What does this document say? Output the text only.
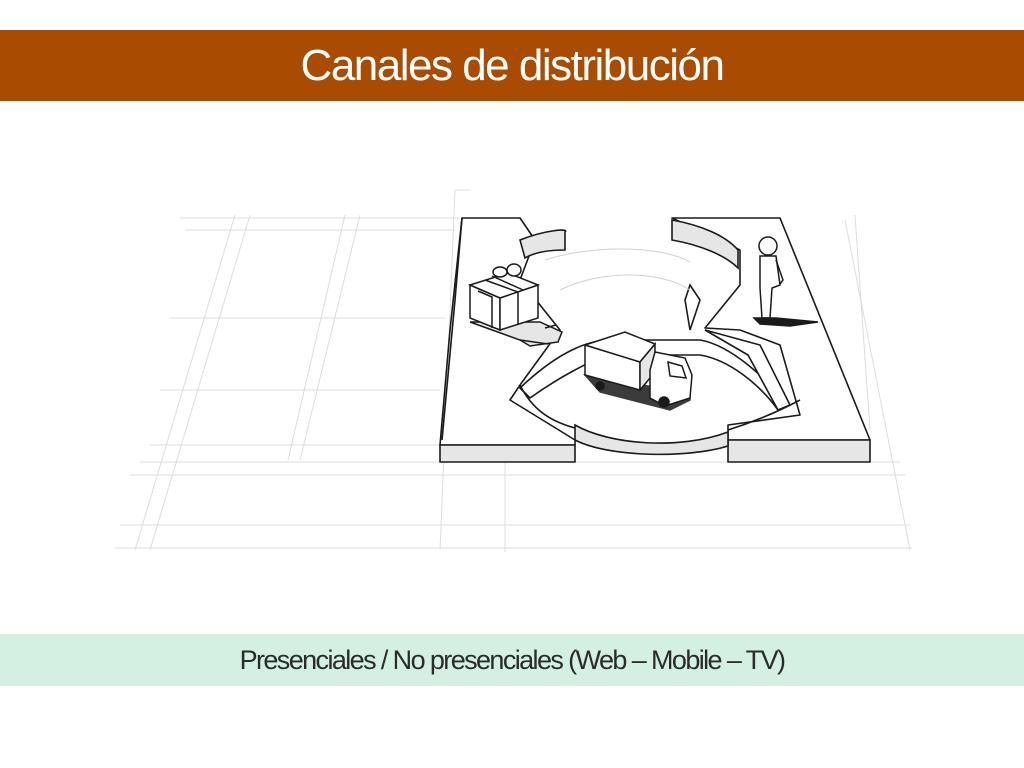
Canales de distribución
Presenciales / No presenciales (Web – Mobile – TV)
